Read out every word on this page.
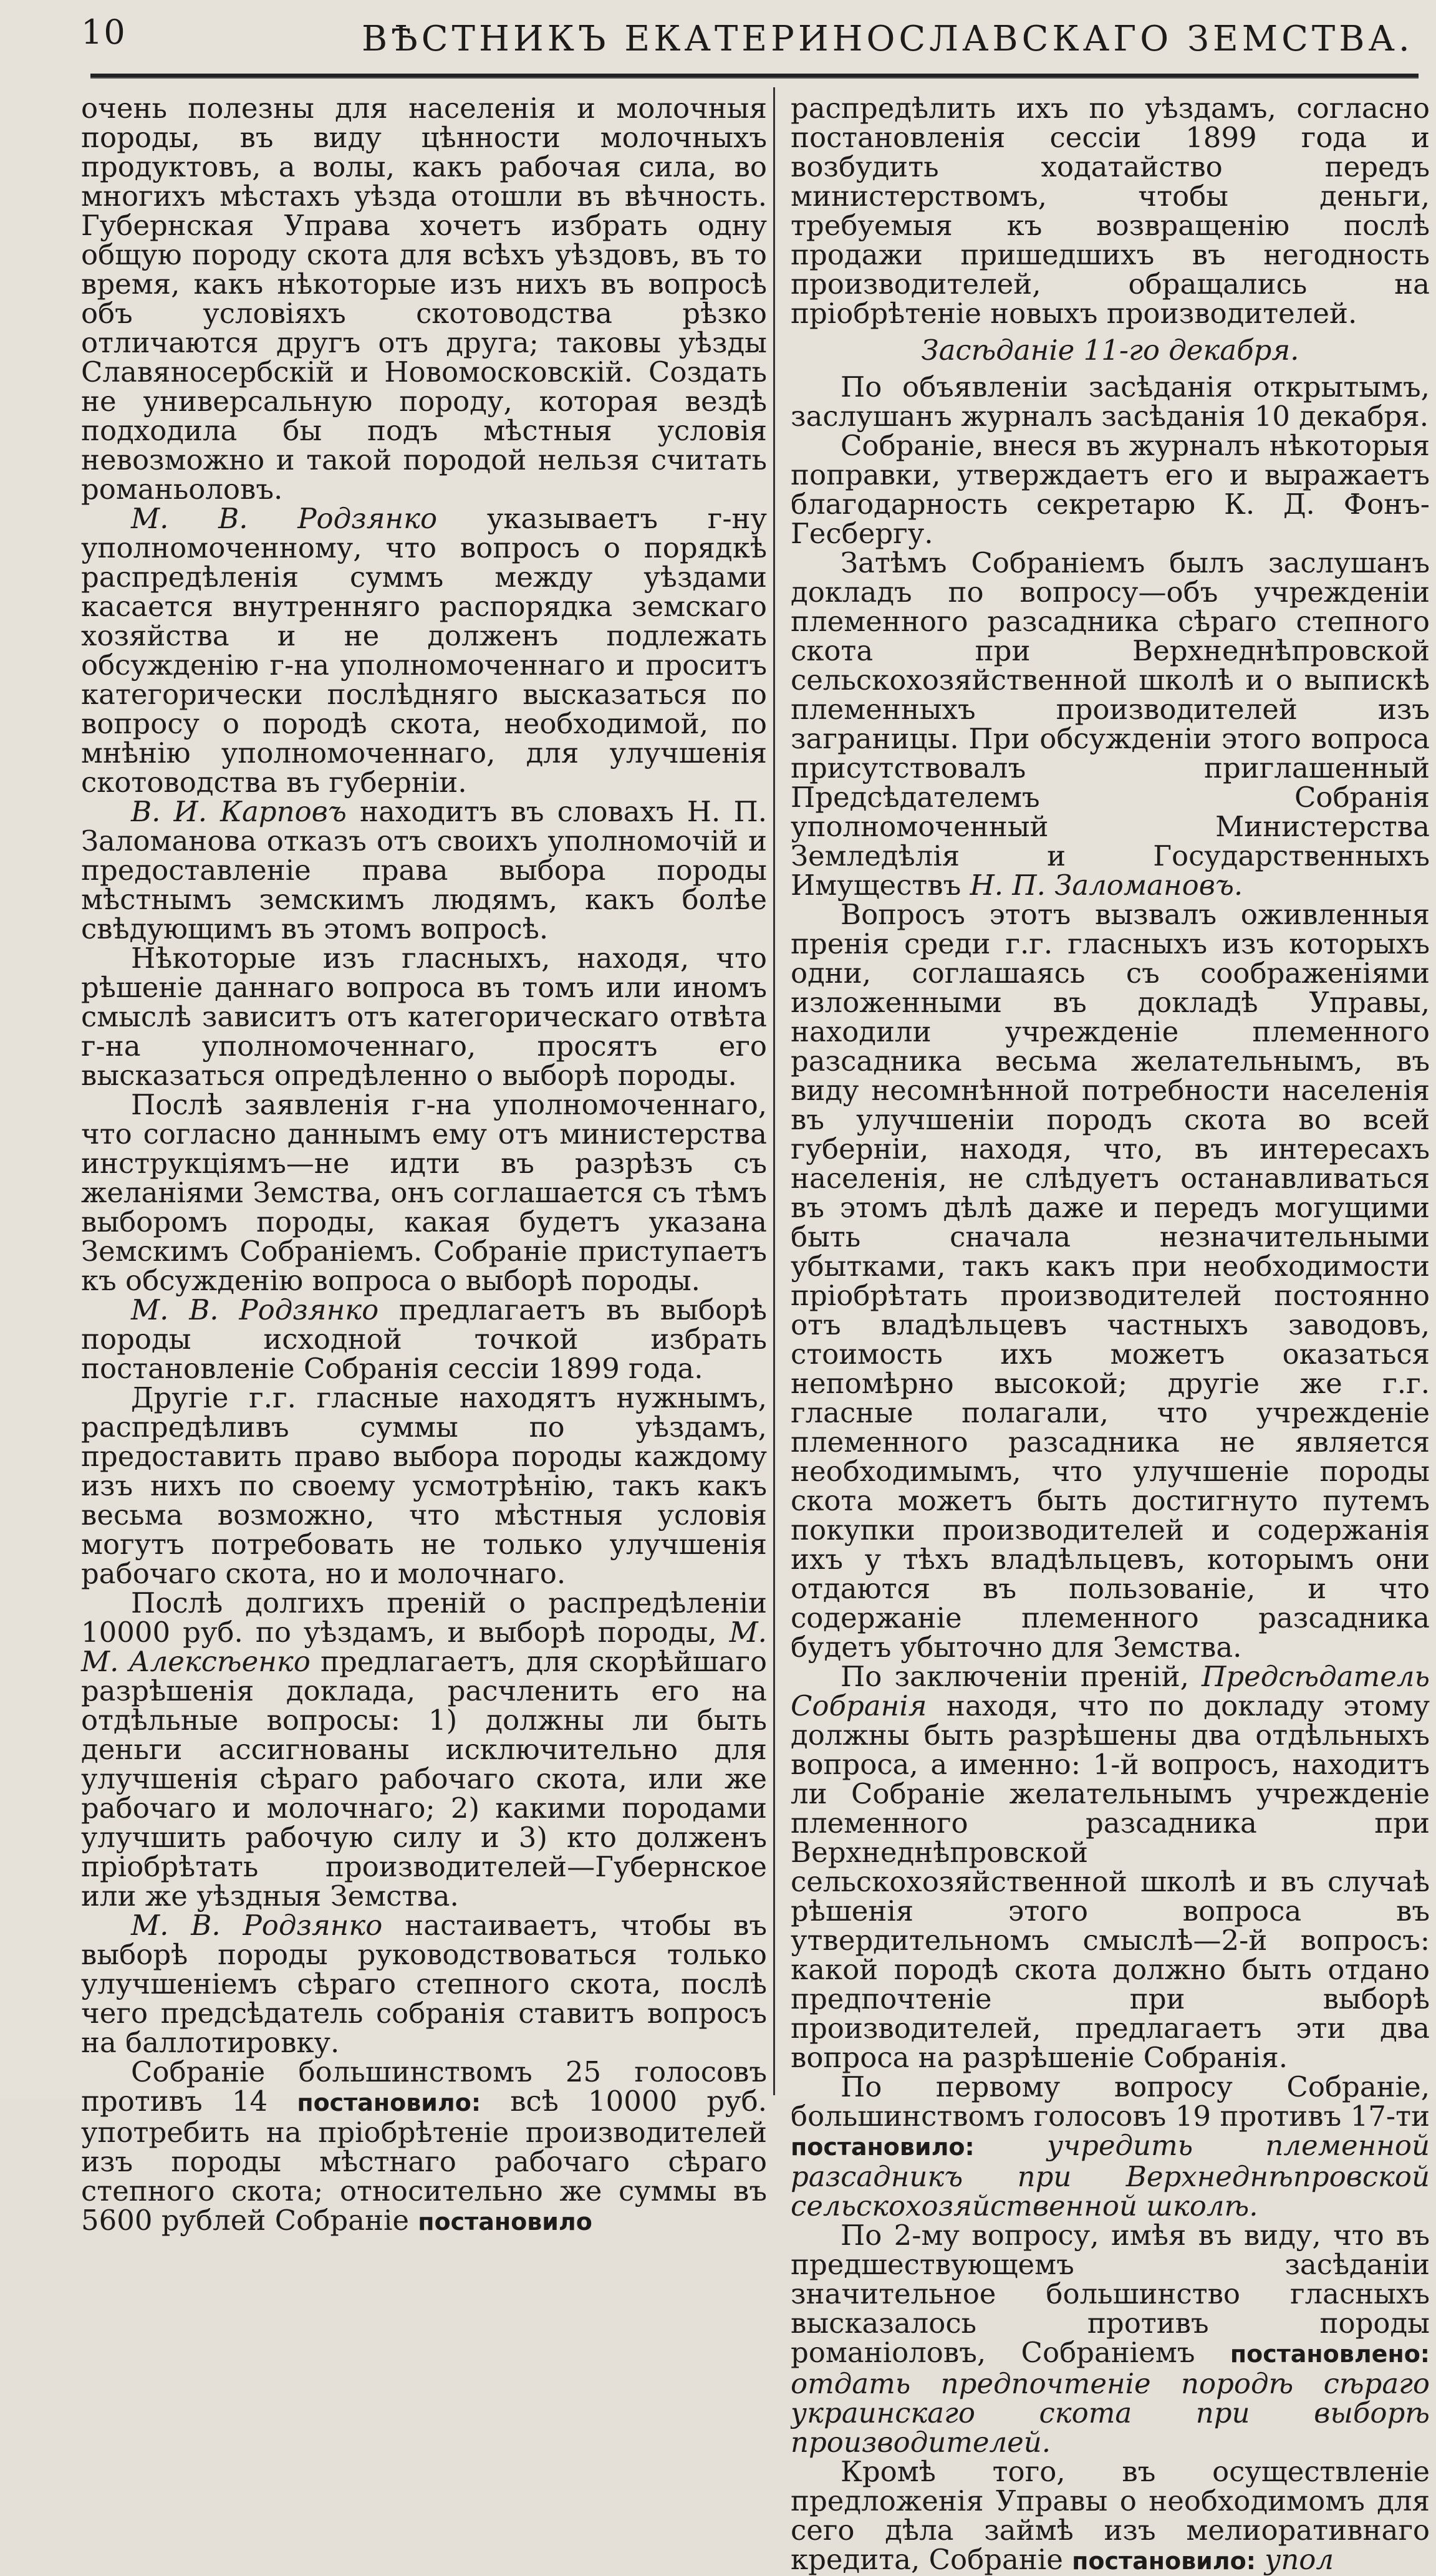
10	ВѢСТНИКЪ ЕКАТЕРИНОСЛАВСКАГО ЗЕМСТВА.

очень полезны для населенія и молочныя породы, въ виду цѣнности молочныхъ продуктовъ, а волы, какъ рабочая сила, во многихъ мѣстахъ уѣзда отошли въ вѣчность. Губернская Управа хочетъ избрать одну общую породу скота для всѣхъ уѣздовъ, въ то время, какъ нѣкоторые изъ нихъ въ вопросѣ объ условіяхъ скотоводства рѣзко отличаются другъ отъ друга; таковы уѣзды Славяносербскій и Новомосковскій. Создать не универсальную породу, которая вездѣ подходила бы подъ мѣстныя условія невозможно и такой породой нельзя считать романьоловъ.

М. В. Родзянко указываетъ г-ну уполномоченному, что вопросъ о порядкѣ распредѣленія суммъ между уѣздами касается внутренняго распорядка земскаго хозяйства и не долженъ подлежать обсужденію г-на уполномоченнаго и проситъ категорически послѣдняго высказаться по вопросу о породѣ скота, необходимой, по мнѣнію уполномоченнаго, для улучшенія скотоводства въ губерніи.

В. И. Карповъ находитъ въ словахъ Н. П. Заломанова отказъ отъ своихъ уполномочій и предоставленіе права выбора породы мѣстнымъ земскимъ людямъ, какъ болѣе свѣдующимъ въ этомъ вопросѣ.

Нѣкоторые изъ гласныхъ, находя, что рѣшеніе даннаго вопроса въ томъ или иномъ смыслѣ зависитъ отъ категорическаго отвѣта г-на уполномоченнаго, просятъ его высказаться опредѣленно о выборѣ породы.

Послѣ заявленія г-на уполномоченнаго, что согласно даннымъ ему отъ министерства инструкціямъ—не идти въ разрѣзъ съ желаніями Земства, онъ соглашается съ тѣмъ выборомъ породы, какая будетъ указана Земскимъ Собраніемъ. Собраніе приступаетъ къ обсужденію вопроса о выборѣ породы.

М. В. Родзянко предлагаетъ въ выборѣ породы исходной точкой избрать постановленіе Собранія сессіи 1899 года.

Другіе г.г. гласные находятъ нужнымъ, распредѣливъ суммы по уѣздамъ, предоставить право выбора породы каждому изъ нихъ по своему усмотрѣнію, такъ какъ весьма возможно, что мѣстныя условія могутъ потребовать не только улучшенія рабочаго скота, но и молочнаго.

Послѣ долгихъ преній о распредѣленіи 10000 руб. по уѣздамъ, и выборѣ породы, М. М. Алексѣенко предлагаетъ, для скорѣйшаго разрѣшенія доклада, расчленить его на отдѣльные вопросы: 1) должны ли быть деньги ассигнованы исключительно для улучшенія сѣраго рабочаго скота, или же рабочаго и молочнаго; 2) какими породами улучшить рабочую силу и 3) кто долженъ пріобрѣтать производителей—Губернское или же уѣздныя Земства.

М. В. Родзянко настаиваетъ, чтобы въ выборѣ породы руководствоваться только улучшеніемъ сѣраго степного скота, послѣ чего предсѣдатель собранія ставитъ вопросъ на баллотировку.

Собраніе большинствомъ 25 голосовъ противъ 14 постановило: всѣ 10000 руб. употребить на пріобрѣтеніе производителей изъ породы мѣстнаго рабочаго сѣраго степного скота; относительно же суммы въ 5600 рублей Собраніе постановило

распредѣлить ихъ по уѣздамъ, согласно постановленія сессіи 1899 года и возбудить ходатайство передъ министерствомъ, чтобы деньги, требуемыя къ возвращенію послѣ продажи пришедшихъ въ негодность производителей, обращались на пріобрѣтеніе новыхъ производителей.

Засѣданіе 11-го декабря.

По объявленіи засѣданія открытымъ, заслушанъ журналъ засѣданія 10 декабря.

Собраніе, внеся въ журналъ нѣкоторыя поправки, утверждаетъ его и выражаетъ благодарность секретарю К. Д. Фонъ-Гесбергу.

Затѣмъ Собраніемъ былъ заслушанъ докладъ по вопросу—объ учрежденіи племенного разсадника сѣраго степного скота при Верхнеднѣпровской сельскохозяйственной школѣ и о выпискѣ племенныхъ производителей изъ заграницы. При обсужденіи этого вопроса присутствовалъ приглашенный Предсѣдателемъ Собранія уполномоченный Министерства Земледѣлія и Государственныхъ Имуществъ Н. П. Заломановъ.

Вопросъ этотъ вызвалъ оживленныя пренія среди г.г. гласныхъ изъ которыхъ одни, соглашаясь съ соображеніями изложенными въ докладѣ Управы, находили учрежденіе племенного разсадника весьма желательнымъ, въ виду несомнѣнной потребности населенія въ улучшеніи породъ скота во всей губерніи, находя, что, въ интересахъ населенія, не слѣдуетъ останавливаться въ этомъ дѣлѣ даже и передъ могущими быть сначала незначительными убытками, такъ какъ при необходимости пріобрѣтать производителей постоянно отъ владѣльцевъ частныхъ заводовъ, стоимость ихъ можетъ оказаться непомѣрно высокой; другіе же г.г. гласные полагали, что учрежденіе племенного разсадника не является необходимымъ, что улучшеніе породы скота можетъ быть достигнуто путемъ покупки производителей и содержанія ихъ у тѣхъ владѣльцевъ, которымъ они отдаются въ пользованіе, и что содержаніе племенного разсадника будетъ убыточно для Земства.

По заключеніи преній, Предсѣдатель Собранія находя, что по докладу этому должны быть разрѣшены два отдѣльныхъ вопроса, а именно: 1-й вопросъ, находитъ ли Собраніе желательнымъ учрежденіе племенного разсадника при Верхнеднѣпровской сельскохозяйственной школѣ и въ случаѣ рѣшенія этого вопроса въ утвердительномъ смыслѣ—2-й вопросъ: какой породѣ скота должно быть отдано предпочтеніе при выборѣ производителей, предлагаетъ эти два вопроса на разрѣшеніе Собранія.

По первому вопросу Собраніе, большинствомъ голосовъ 19 противъ 17-ти постановило: учредить племенной разсадникъ при Верхнеднѣпровской сельскохозяйственной школѣ.

По 2-му вопросу, имѣя въ виду, что въ предшествующемъ засѣданіи значительное большинство гласныхъ высказалось противъ породы романіоловъ, Собраніемъ постановлено: отдать предпочтеніе породѣ сѣраго украинскаго скота при выборѣ производителей.

Кромѣ того, въ осуществленіе предложенія Управы о необходимомъ для сего дѣла займѣ изъ мелиоративнаго кредита, Собраніе постановило: упол
